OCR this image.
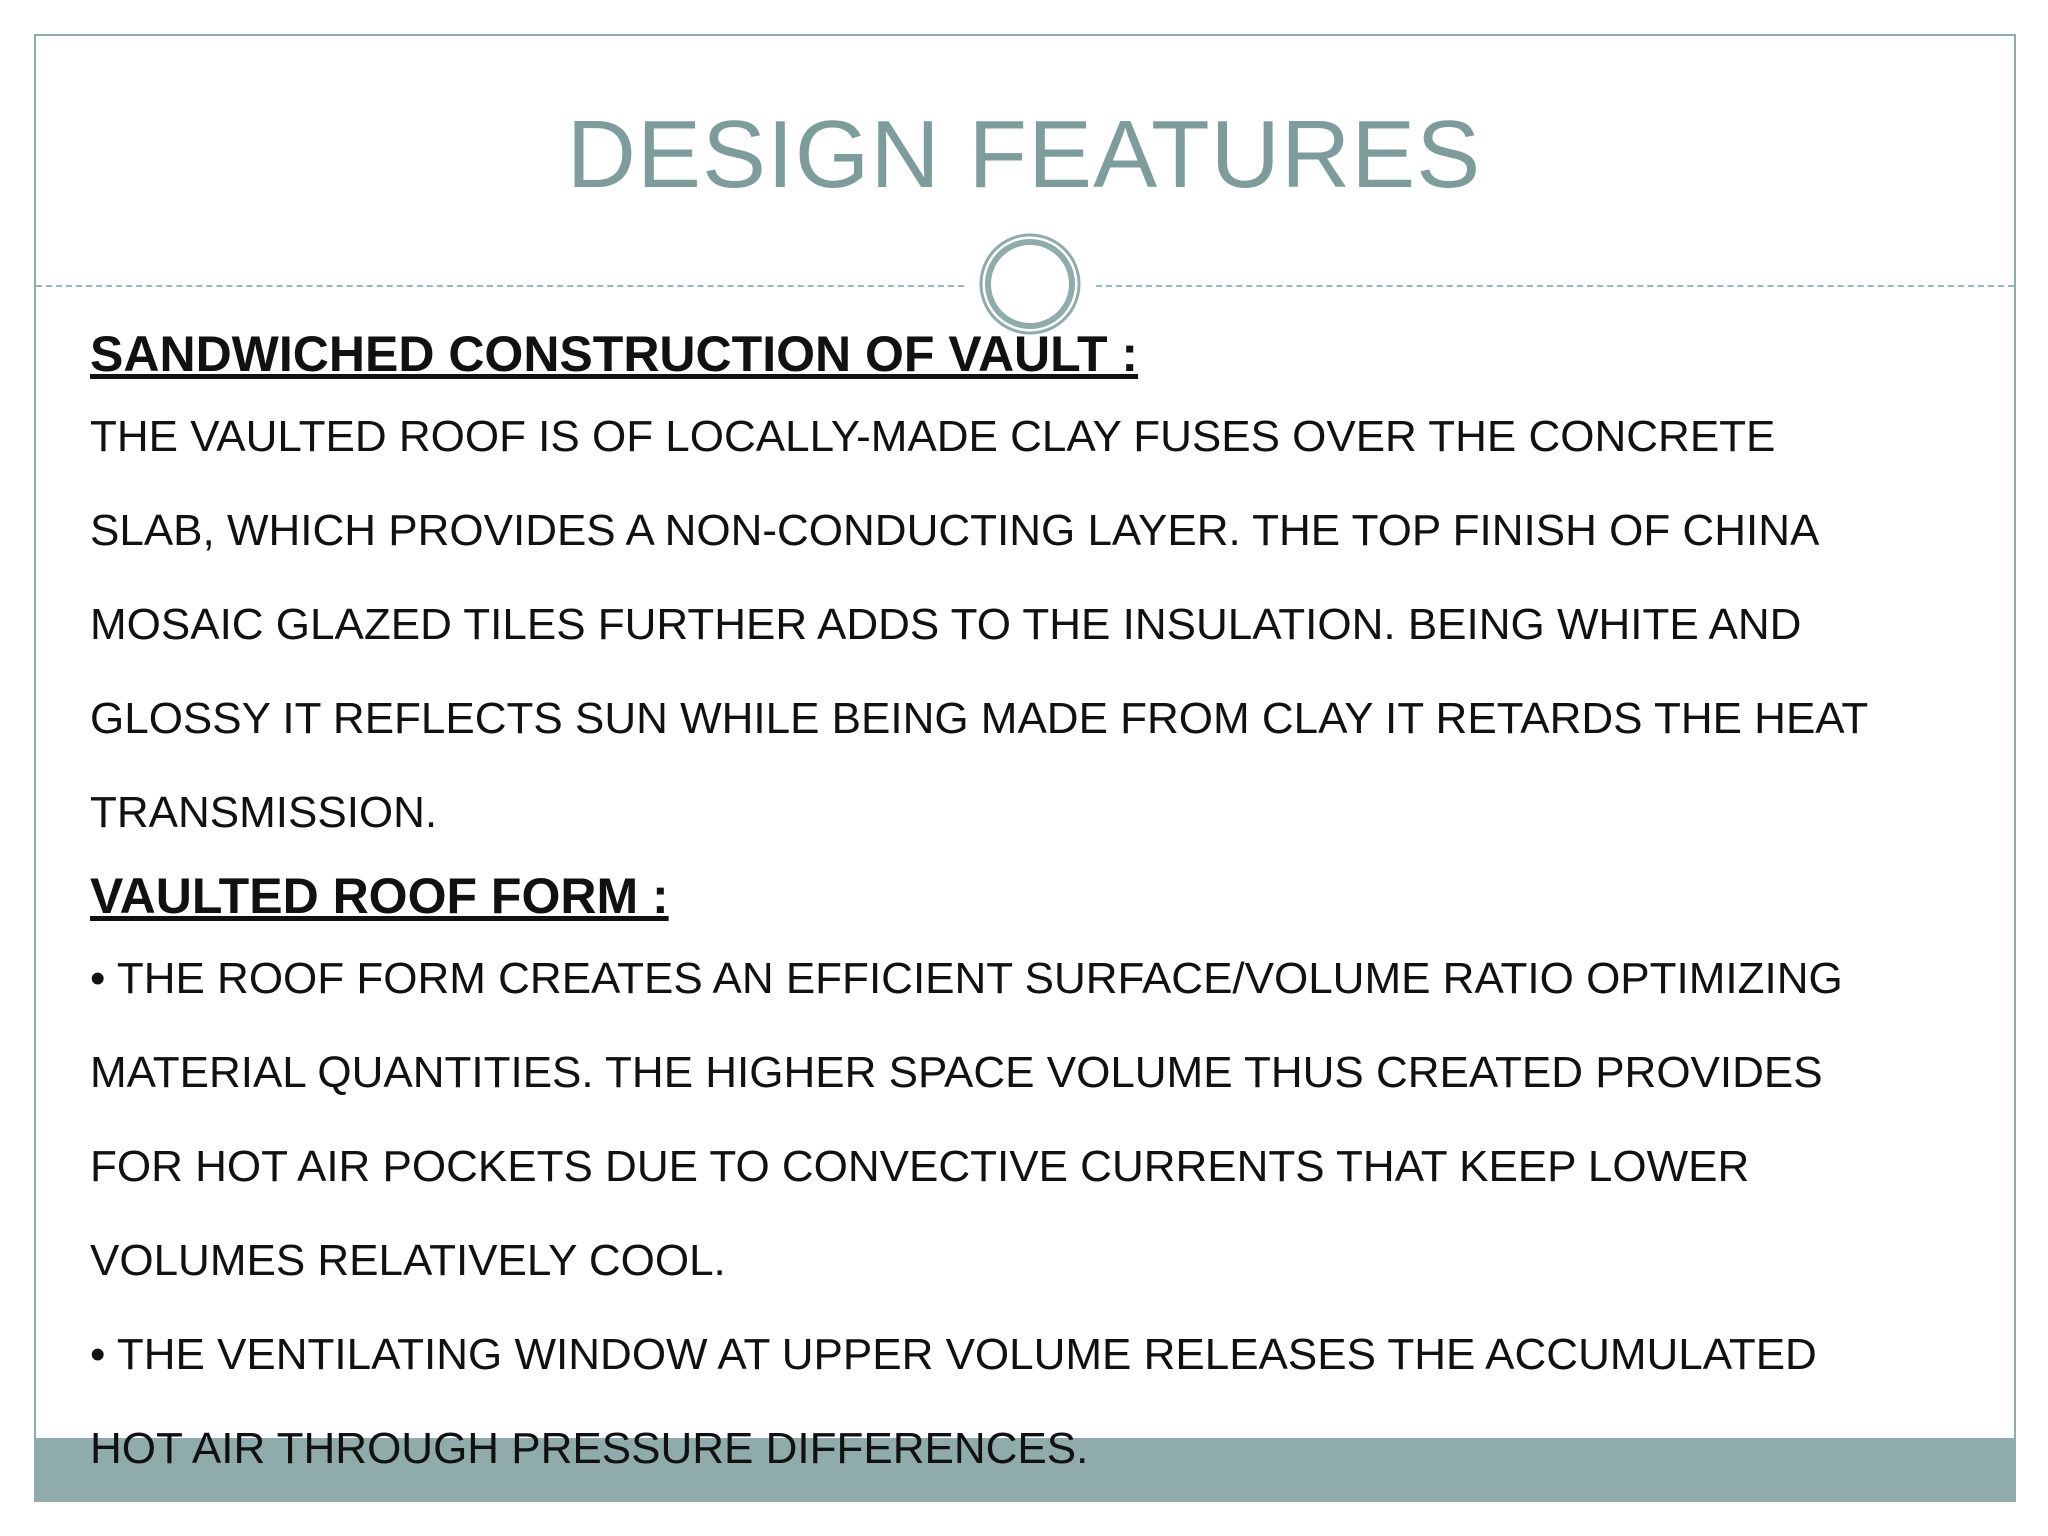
DESIGN FEATURES

SANDWICHED CONSTRUCTION OF VAULT :

THE VAULTED ROOF IS OF LOCALLY-MADE CLAY FUSES OVER THE CONCRETE

SLAB, WHICH PROVIDES A NON-CONDUCTING LAYER. THE TOP FINISH OF CHINA

MOSAIC GLAZED TILES FURTHER ADDS TO THE INSULATION. BEING WHITE AND

GLOSSY IT REFLECTS SUN WHILE BEING MADE FROM CLAY IT RETARDS THE HEAT

TRANSMISSION.

VAULTED ROOF FORM :

• THE ROOF FORM CREATES AN EFFICIENT SURFACE/VOLUME RATIO OPTIMIZING

MATERIAL QUANTITIES. THE HIGHER SPACE VOLUME THUS CREATED PROVIDES

FOR HOT AIR POCKETS DUE TO CONVECTIVE CURRENTS THAT KEEP LOWER

VOLUMES RELATIVELY COOL.

• THE VENTILATING WINDOW AT UPPER VOLUME RELEASES THE ACCUMULATED

HOT AIR THROUGH PRESSURE DIFFERENCES.
